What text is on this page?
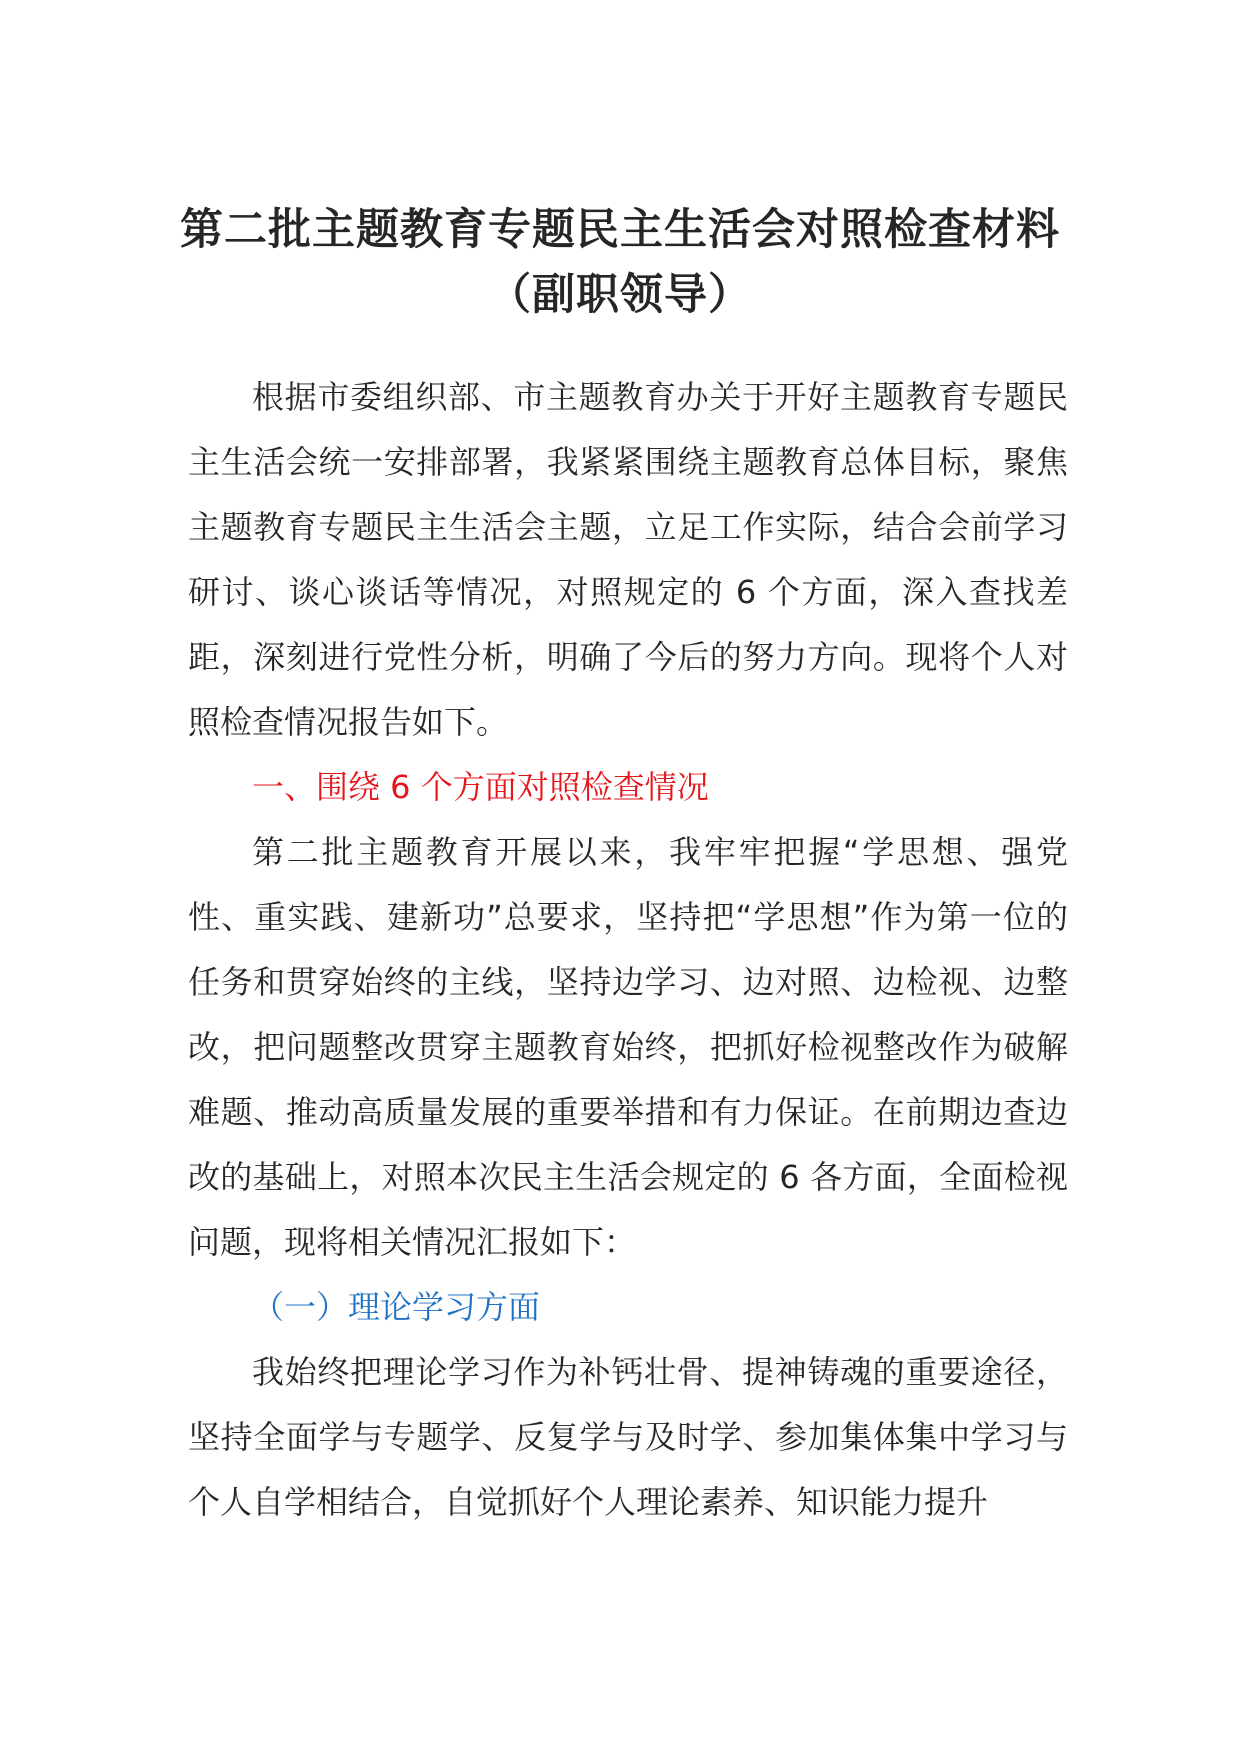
第二批主题教育专题民主生活会对照检查材料（副职领导）

根据市委组织部、市主题教育办关于开好主题教育专题民主生活会统一安排部署，我紧紧围绕主题教育总体目标，聚焦主题教育专题民主生活会主题，立足工作实际，结合会前学习研讨、谈心谈话等情况，对照规定的 6 个方面，深入查找差距，深刻进行党性分析，明确了今后的努力方向。现将个人对照检查情况报告如下。

一、围绕 6 个方面对照检查情况

第二批主题教育开展以来，我牢牢把握“学思想、强党性、重实践、建新功”总要求，坚持把“学思想”作为第一位的任务和贯穿始终的主线，坚持边学习、边对照、边检视、边整改，把问题整改贯穿主题教育始终，把抓好检视整改作为破解难题、推动高质量发展的重要举措和有力保证。在前期边查边改的基础上，对照本次民主生活会规定的 6 各方面，全面检视问题，现将相关情况汇报如下：

（一）理论学习方面

我始终把理论学习作为补钙壮骨、提神铸魂的重要途径，坚持全面学与专题学、反复学与及时学、参加集体集中学习与个人自学相结合，自觉抓好个人理论素养、知识能力提升
